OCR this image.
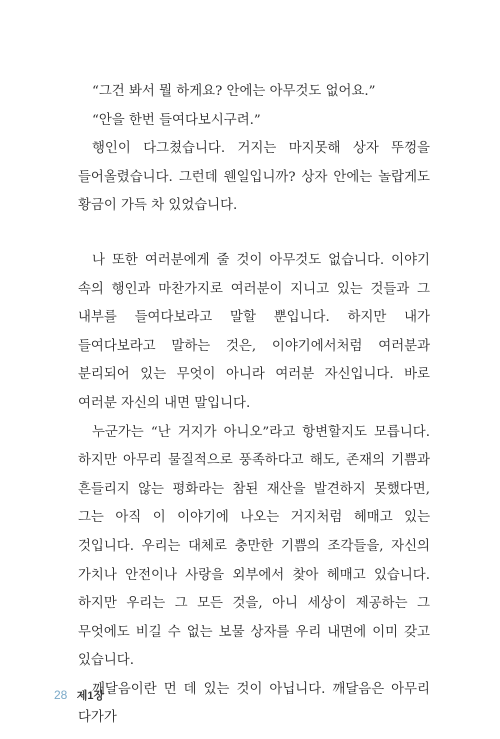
“그건 봐서 뭘 하게요? 안에는 아무것도 없어요.”

“안을 한번 들여다보시구려.”

행인이 다그쳤습니다. 거지는 마지못해 상자 뚜껑을 들어올렸습니다. 그런데 웬일입니까? 상자 안에는 놀랍게도 황금이 가득 차 있었습니다.

나 또한 여러분에게 줄 것이 아무것도 없습니다. 이야기 속의 행인과 마찬가지로 여러분이 지니고 있는 것들과 그 내부를 들여다보라고 말할 뿐입니다. 하지만 내가 들여다보라고 말하는 것은, 이야기에서처럼 여러분과 분리되어 있는 무엇이 아니라 여러분 자신입니다. 바로 여러분 자신의 내면 말입니다.

누군가는 “난 거지가 아니오”라고 항변할지도 모릅니다. 하지만 아무리 물질적으로 풍족하다고 해도, 존재의 기쁨과 흔들리지 않는 평화라는 참된 재산을 발견하지 못했다면, 그는 아직 이 이야기에 나오는 거지처럼 헤매고 있는 것입니다. 우리는 대체로 충만한 기쁨의 조각들을, 자신의 가치나 안전이나 사랑을 외부에서 찾아 헤매고 있습니다. 하지만 우리는 그 모든 것을, 아니 세상이 제공하는 그 무엇에도 비길 수 없는 보물 상자를 우리 내면에 이미 갖고 있습니다.

깨달음이란 먼 데 있는 것이 아닙니다. 깨달음은 아무리 다가가

28 제1장
